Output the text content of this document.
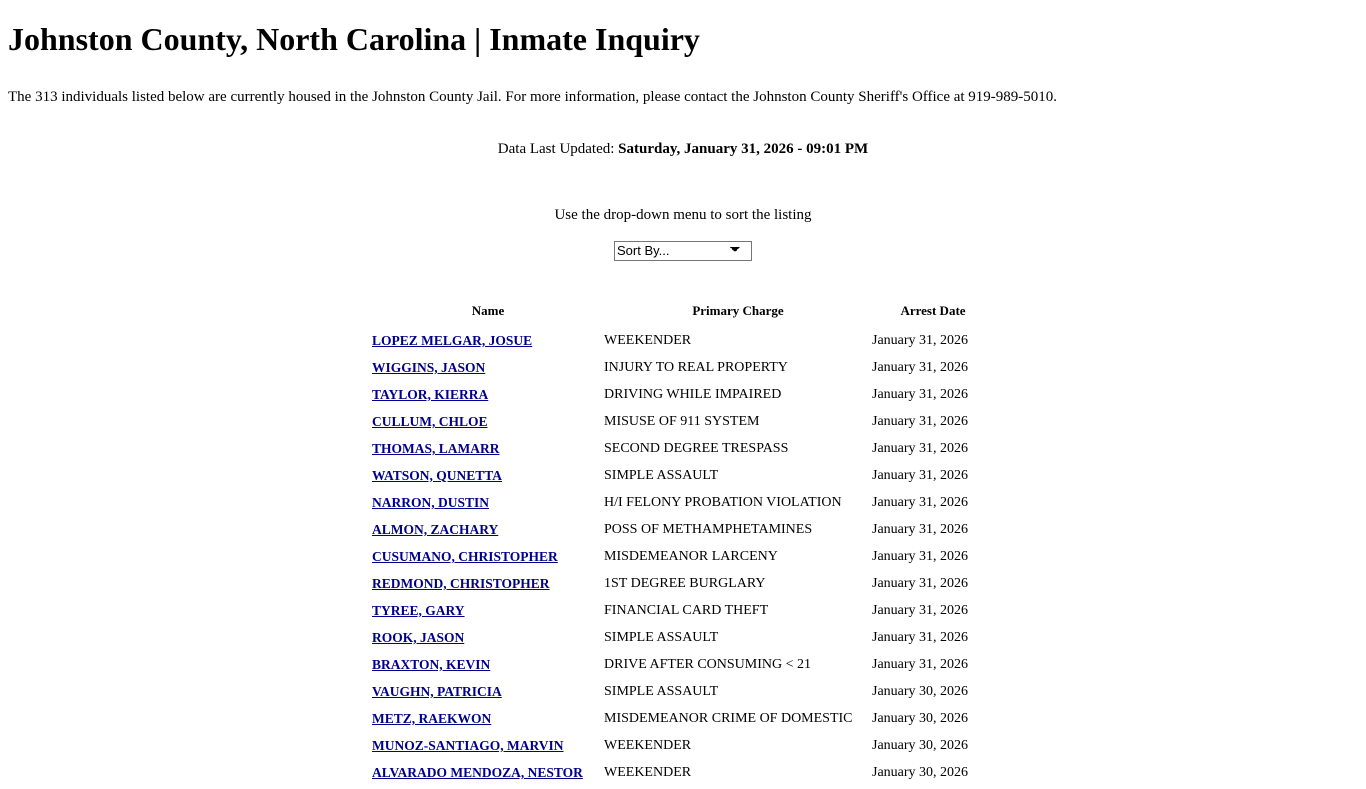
Johnston County, North Carolina | Inmate Inquiry

The 313 individuals listed below are currently housed in the Johnston County Jail. For more information, please contact the Johnston County Sheriff's Office at 919-989-5010.

Data Last Updated: Saturday, January 31, 2026 - 09:01 PM

Use the drop-down menu to sort the listing

Sort By...
Name	Primary Charge	Arrest Date
LOPEZ MELGAR, JOSUE	WEEKENDER	January 31, 2026
WIGGINS, JASON	INJURY TO REAL PROPERTY	January 31, 2026
TAYLOR, KIERRA	DRIVING WHILE IMPAIRED	January 31, 2026
CULLUM, CHLOE	MISUSE OF 911 SYSTEM	January 31, 2026
THOMAS, LAMARR	SECOND DEGREE TRESPASS	January 31, 2026
WATSON, QUNETTA	SIMPLE ASSAULT	January 31, 2026
NARRON, DUSTIN	H/I FELONY PROBATION VIOLATION	January 31, 2026
ALMON, ZACHARY	POSS OF METHAMPHETAMINES	January 31, 2026
CUSUMANO, CHRISTOPHER	MISDEMEANOR LARCENY	January 31, 2026
REDMOND, CHRISTOPHER	1ST DEGREE BURGLARY	January 31, 2026
TYREE, GARY	FINANCIAL CARD THEFT	January 31, 2026
ROOK, JASON	SIMPLE ASSAULT	January 31, 2026
BRAXTON, KEVIN	DRIVE AFTER CONSUMING < 21	January 31, 2026
VAUGHN, PATRICIA	SIMPLE ASSAULT	January 30, 2026
METZ, RAEKWON	MISDEMEANOR CRIME OF DOMESTIC	January 30, 2026
MUNOZ-SANTIAGO, MARVIN	WEEKENDER	January 30, 2026
ALVARADO MENDOZA, NESTOR	WEEKENDER	January 30, 2026
